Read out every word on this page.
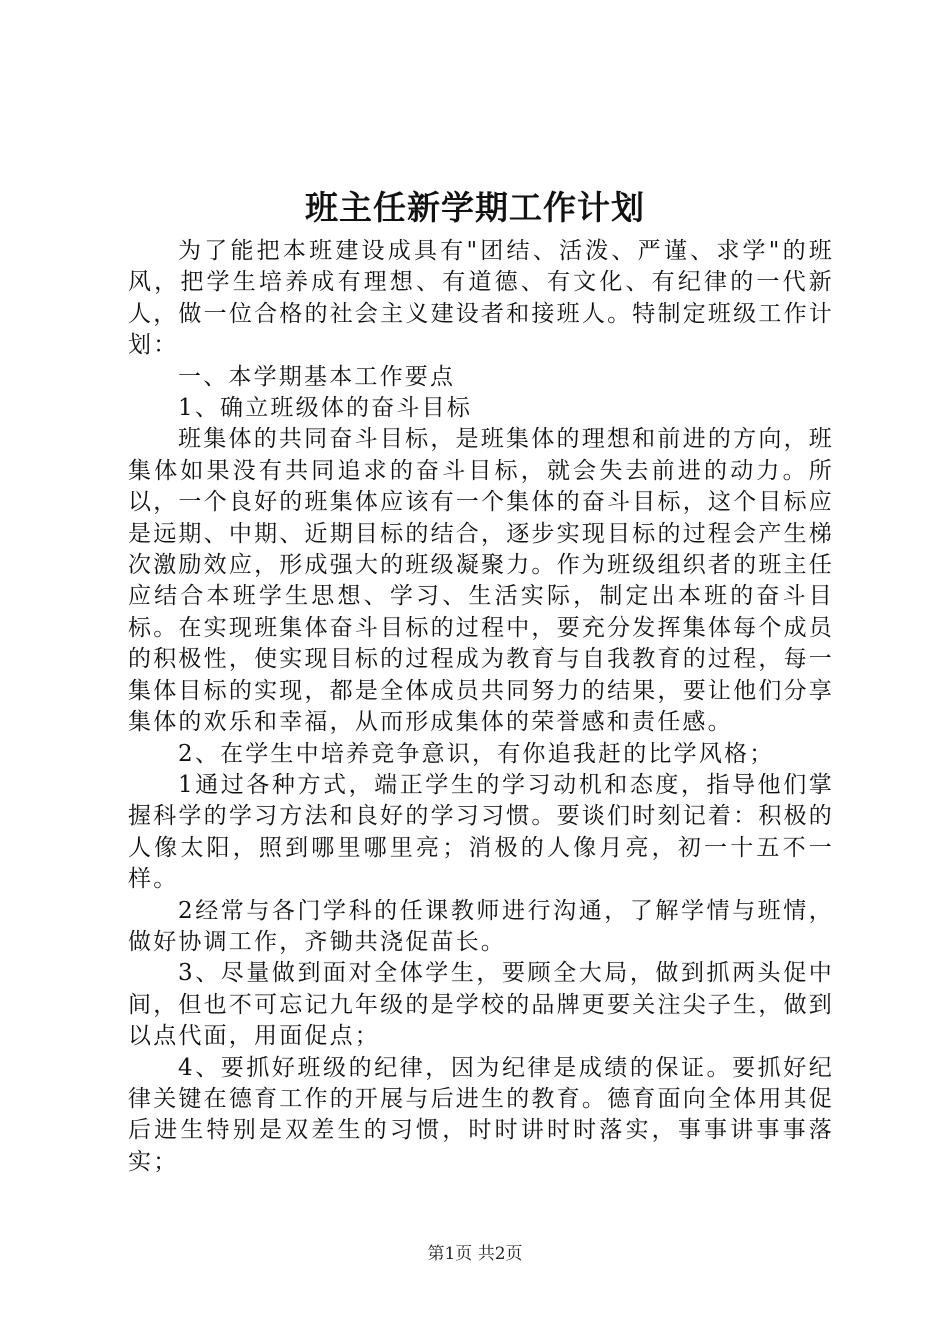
班主任新学期工作计划

为了能把本班建设成具有"团结、活泼、严谨、求学"的班风，把学生培养成有理想、有道德、有文化、有纪律的一代新人，做一位合格的社会主义建设者和接班人。特制定班级工作计划：

一、本学期基本工作要点

1、确立班级体的奋斗目标

班集体的共同奋斗目标，是班集体的理想和前进的方向，班集体如果没有共同追求的奋斗目标，就会失去前进的动力。所以，一个良好的班集体应该有一个集体的奋斗目标，这个目标应是远期、中期、近期目标的结合，逐步实现目标的过程会产生梯次激励效应，形成强大的班级凝聚力。作为班级组织者的班主任应结合本班学生思想、学习、生活实际，制定出本班的奋斗目标。在实现班集体奋斗目标的过程中，要充分发挥集体每个成员的积极性，使实现目标的过程成为教育与自我教育的过程，每一集体目标的实现，都是全体成员共同努力的结果，要让他们分享集体的欢乐和幸福，从而形成集体的荣誉感和责任感。

2、在学生中培养竞争意识，有你追我赶的比学风格；

1通过各种方式，端正学生的学习动机和态度，指导他们掌握科学的学习方法和良好的学习习惯。要谈们时刻记着：积极的人像太阳，照到哪里哪里亮；消极的人像月亮，初一十五不一样。

2经常与各门学科的任课教师进行沟通，了解学情与班情，做好协调工作，齐锄共浇促苗长。

3、尽量做到面对全体学生，要顾全大局，做到抓两头促中间，但也不可忘记九年级的是学校的品牌更要关注尖子生，做到以点代面，用面促点；

4、要抓好班级的纪律，因为纪律是成绩的保证。要抓好纪律关键在德育工作的开展与后进生的教育。德育面向全体用其促后进生特别是双差生的习惯，时时讲时时落实，事事讲事事落实；

第1页 共2页
